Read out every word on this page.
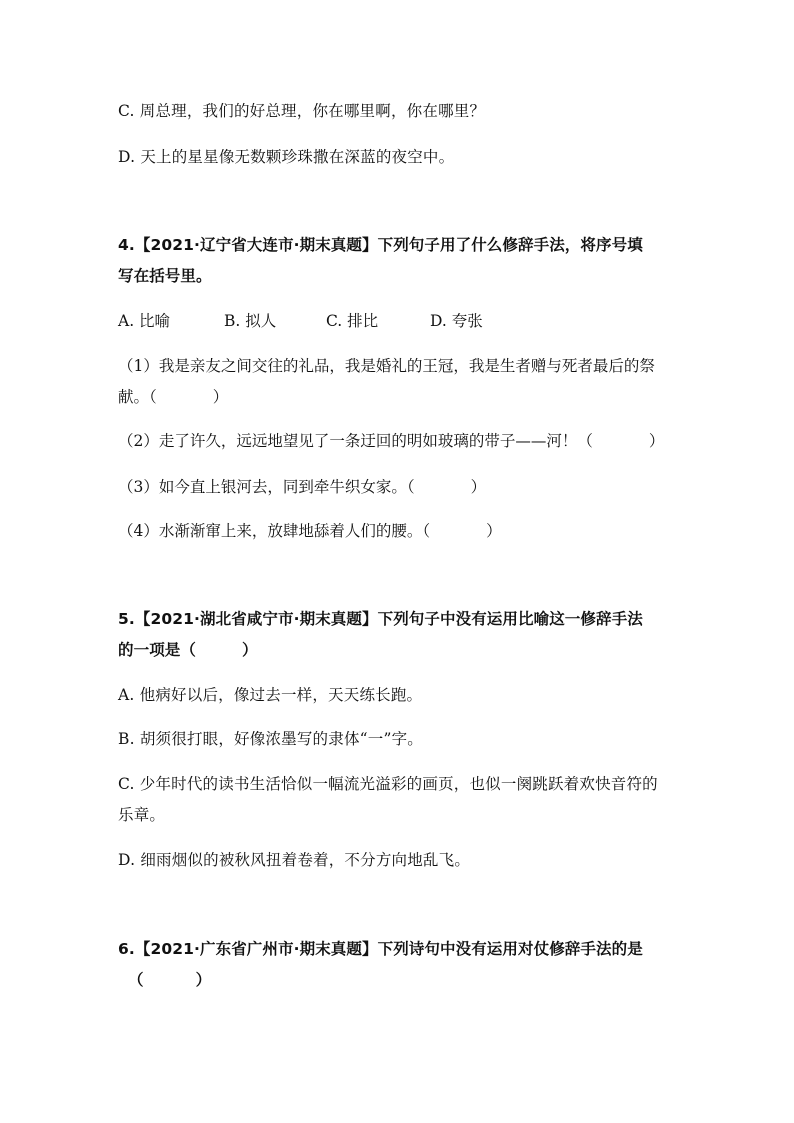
C. 周总理，我们的好总理，你在哪里啊，你在哪里？
D. 天上的星星像无数颗珍珠撒在深蓝的夜空中。
4.【2021·辽宁省大连市·期末真题】下列句子用了什么修辞手法，将序号填
写在括号里。
A. 比喻	B. 拟人	C. 排比	D. 夸张
（1）我是亲友之间交往的礼品，我是婚礼的王冠，我是生者赠与死者最后的祭
献。（	）
（2）走了许久，远远地望见了一条迂回的明如玻璃的带子——河！（	）
（3）如今直上银河去，同到牵牛织女家。（	）
（4）水渐渐窜上来，放肆地舔着人们的腰。（	）
5.【2021·湖北省咸宁市·期末真题】下列句子中没有运用比喻这一修辞手法
的一项是（	）
A. 他病好以后，像过去一样，天天练长跑。
B. 胡须很打眼，好像浓墨写的隶体“一”字。
C. 少年时代的读书生活恰似一幅流光溢彩的画页，也似一阕跳跃着欢快音符的
乐章。
D. 细雨烟似的被秋风扭着卷着，不分方向地乱飞。
6.【2021·广东省广州市·期末真题】下列诗句中没有运用对仗修辞手法的是
（	）
